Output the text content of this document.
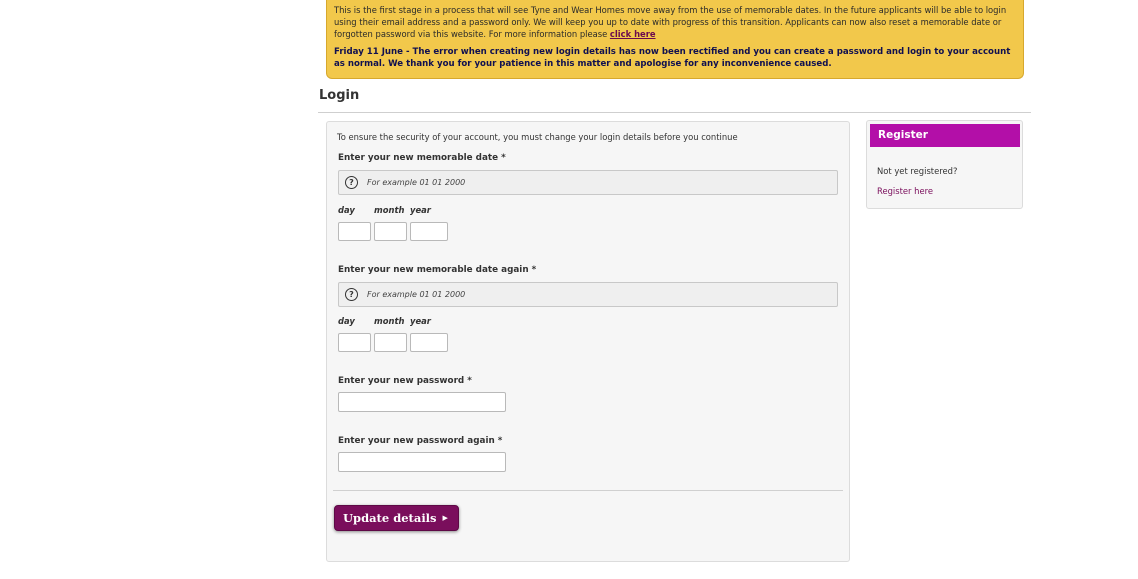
This is the first stage in a process that will see Tyne and Wear Homes move away from the use of memorable dates. In the future applicants will be able to login using their email address and a password only. We will keep you up to date with progress of this transition. Applicants can now also reset a memorable date or forgotten password via this website. For more information please click here

Friday 11 June - The error when creating new login details has now been rectified and you can create a password and login to your account as normal. We thank you for your patience in this matter and apologise for any inconvenience caused.

Login
To ensure the security of your account, you must change your login details before you continue
Enter your new memorable date *
?	For example 01 01 2000
day month year
Enter your new memorable date again *
?	For example 01 01 2000
day month year
Enter your new password *
Enter your new password again *
Update details ▶
Register
Not yet registered?
Register here
